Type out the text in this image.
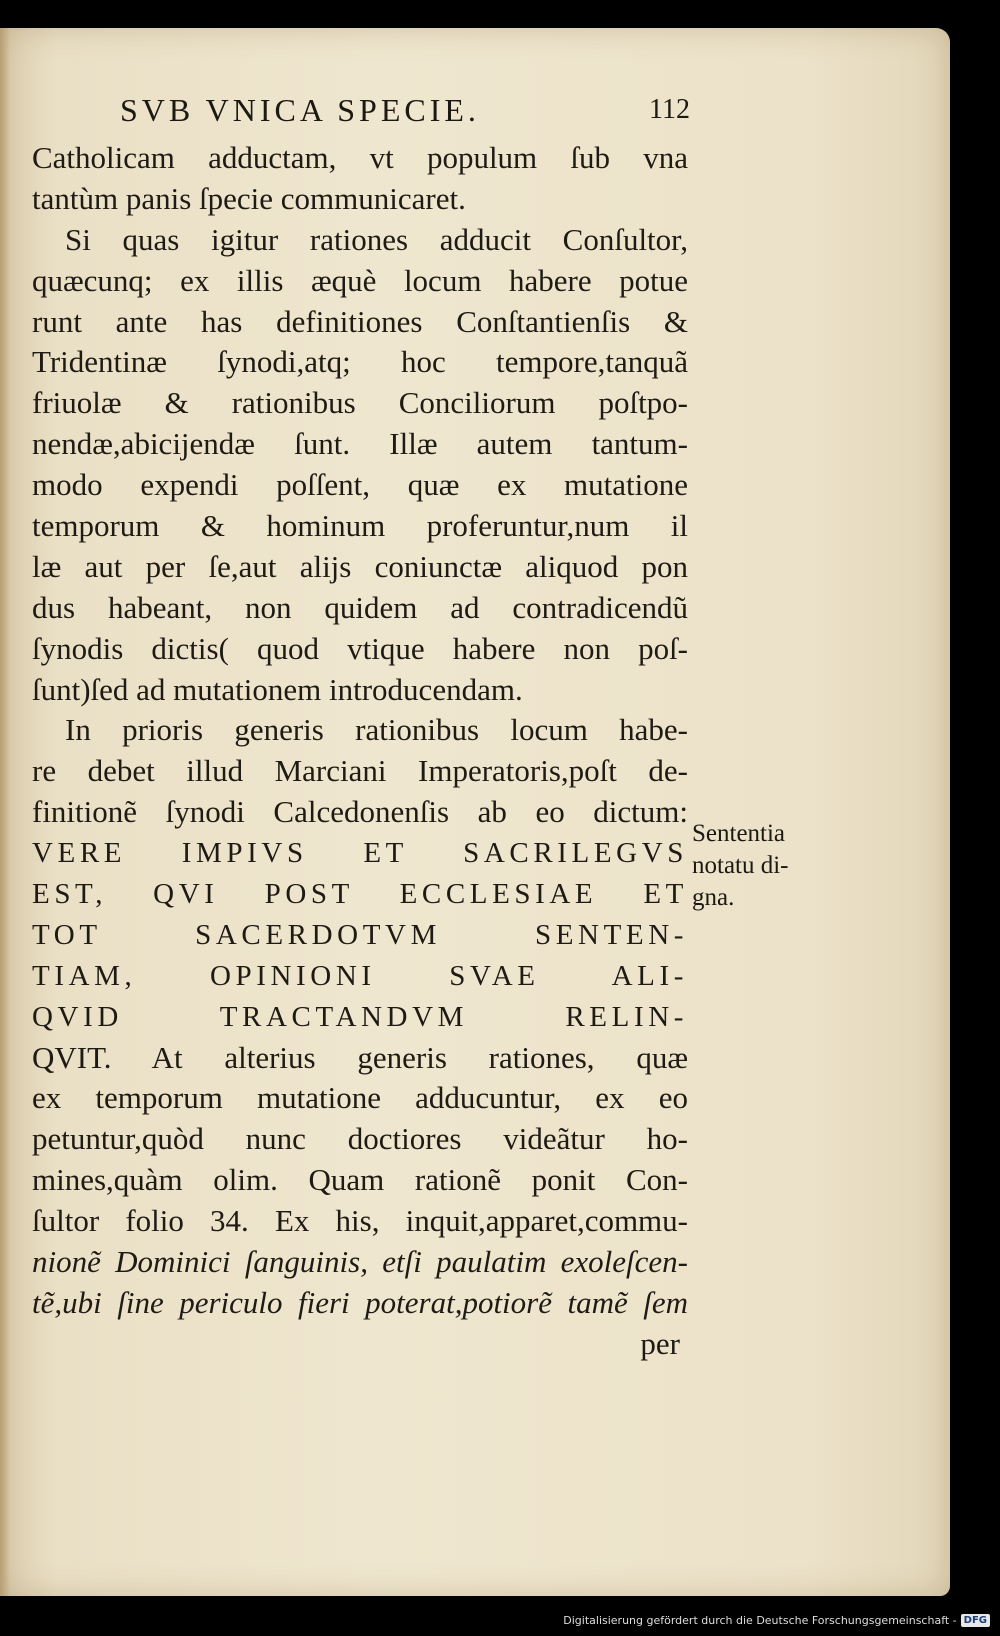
SVB VNICA SPECIE.	112
Catholicam adductam, vt populum ſub vna
tantùm panis ſpecie communicaret.
Si quas igitur rationes adducit Conſultor,
quæcunq; ex illis æquè locum habere potue
runt ante has definitiones Conſtantienſis &
Tridentinæ ſynodi,atq; hoc tempore,tanquã
friuolæ & rationibus Conciliorum poſtpo-
nendæ,abicijendæ ſunt. Illæ autem tantum-
modo expendi poſſent, quæ ex mutatione
temporum & hominum proferuntur,num il
læ aut per ſe,aut alijs coniunctæ aliquod pon
dus habeant, non quidem ad contradicendũ
ſynodis dictis( quod vtique habere non poſ-
ſunt)ſed ad mutationem introducendam.
In prioris generis rationibus locum habe-
re debet illud Marciani Imperatoris,poſt de-
finitionẽ ſynodi Calcedonenſis ab eo dictum:
VERE IMPIVS ET SACRILEGVS
EST, QVI POST ECCLESIAE ET
TOT SACERDOTVM SENTEN-
TIAM, OPINIONI SVAE ALI-
QVID TRACTANDVM RELIN-
QVIT. At alterius generis rationes, quæ
ex temporum mutatione adducuntur, ex eo
petuntur,quòd nunc doctiores videãtur ho-
mines,quàm olim. Quam rationẽ ponit Con-
ſultor folio 34. Ex his, inquit,apparet,commu-
nionẽ Dominici ſanguinis, etſi paulatim exoleſcen-
tẽ,ubi ſine periculo fieri poterat,potiorẽ tamẽ ſem
per
Sententia
notatu di-
gna.
Digitalisierung gefördert durch die Deutsche Forschungsgemeinschaft - DFG
